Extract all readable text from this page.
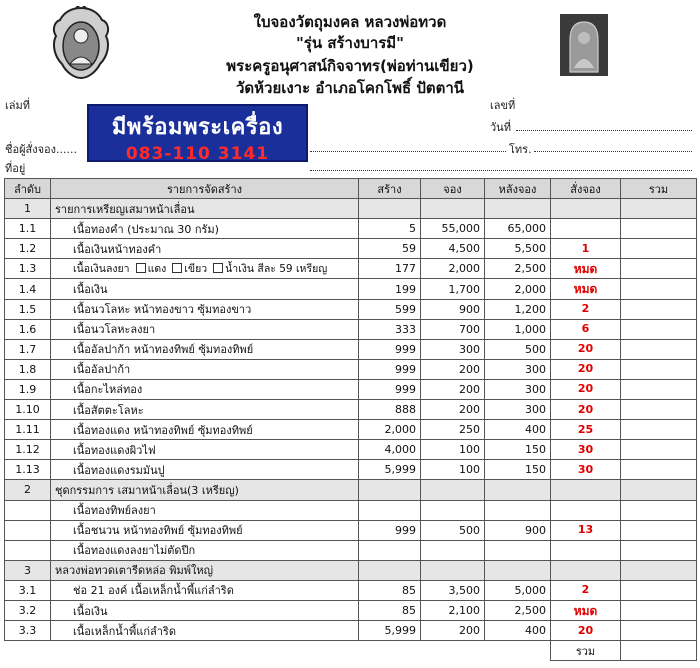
ใบจองวัตถุมงคล หลวงพ่อทวด
"รุ่น สร้างบารมี"
พระครูอนุศาสน์กิจจาทร(พ่อท่านเขียว)
วัดห้วยเงาะ อำเภอโคกโพธิ์ ปัตตานี
เล่มที่	เลขที่
วันที่
ชื่อผู้สั่งจอง......	โทร.
ที่อยู่
มีพร้อมพระเครื่อง
083-110 3141
ลำดับ	รายการจัดสร้าง	สร้าง	จอง	หลังจอง	สั่งจอง	รวม
1	รายการเหรียญเสมาหน้าเลื่อน					
1.1	เนื้อทองคำ (ประมาณ 30 กรัม)	5	55,000	65,000		
1.2	เนื้อเงินหน้าทองคำ	59	4,500	5,500	1	
1.3	เนื้อเงินลงยา แดง เขียว น้ำเงิน สีละ 59 เหรียญ	177	2,000	2,500	หมด	
1.4	เนื้อเงิน	199	1,700	2,000	หมด	
1.5	เนื้อนวโลหะ หน้าทองขาว ซุ้มทองขาว	599	900	1,200	2	
1.6	เนื้อนวโลหะลงยา	333	700	1,000	6	
1.7	เนื้ออัลปาก้า หน้าทองทิพย์ ซุ้มทองทิพย์	999	300	500	20	
1.8	เนื้ออัลปาก้า	999	200	300	20	
1.9	เนื้อกะไหล่ทอง	999	200	300	20	
1.10	เนื้อสัตตะโลหะ	888	200	300	20	
1.11	เนื้อทองแดง หน้าทองทิพย์ ซุ้มทองทิพย์	2,000	250	400	25	
1.12	เนื้อทองแดงผิวไฟ	4,000	100	150	30	
1.13	เนื้อทองแดงรมมันปู	5,999	100	150	30	
2	ชุดกรรมการ เสมาหน้าเลื่อน(3 เหรียญ)					
	เนื้อทองทิพย์ลงยา					
	เนื้อชนวน หน้าทองทิพย์ ซุ้มทองทิพย์	999	500	900	13	
	เนื้อทองแดงลงยาไม่ตัดปีก					
3	หลวงพ่อทวดเตารีดหล่อ พิมพ์ใหญ่					
3.1	ช่อ 21 องค์ เนื้อเหล็กน้ำพี้แก่ลำริด	85	3,500	5,000	2	
3.2	เนื้อเงิน	85	2,100	2,500	หมด	
3.3	เนื้อเหล็กน้ำพี้แก่ลำริด	5,999	200	400	20	
					รวม	
